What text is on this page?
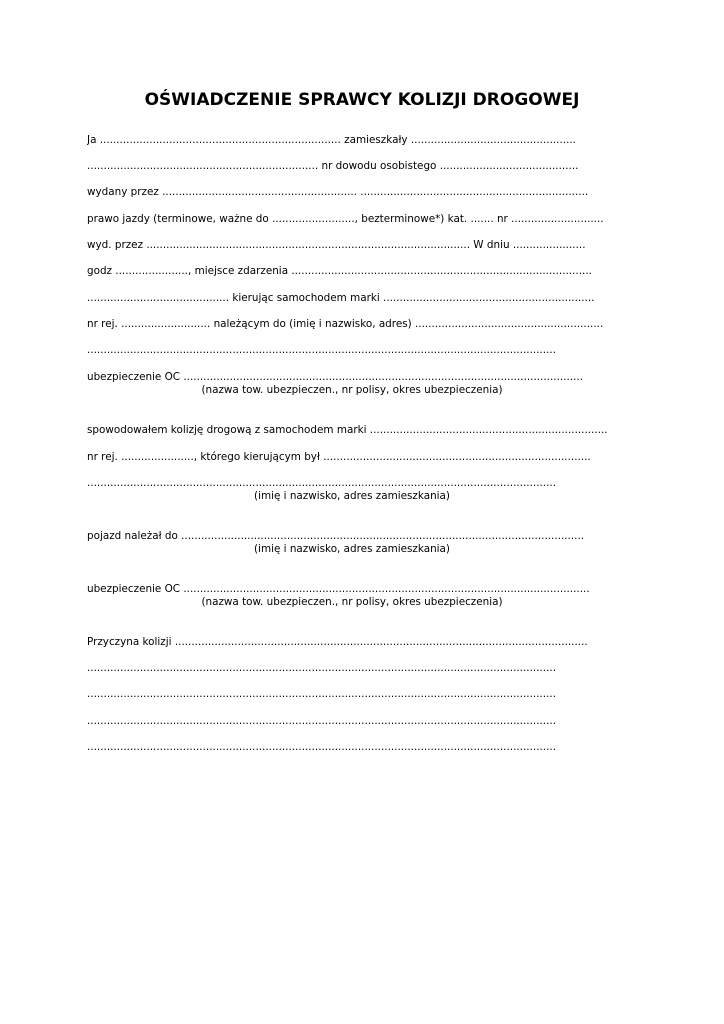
OŚWIADCZENIE SPRAWCY KOLIZJI DROGOWEJ
Ja ......................................................................... zamieszkały ..................................................
...................................................................... nr dowodu osobistego ..........................................
wydany przez ........................................................... .....................................................................
prawo jazdy (terminowe, ważne do ........................., bezterminowe*) kat. ....... nr ............................
wyd. przez .................................................................................................. W dniu ......................
godz ......................, miejsce zdarzenia ...........................................................................................
........................................... kierując samochodem marki ................................................................
nr rej. ........................... należącym do (imię i nazwisko, adres) .........................................................
..............................................................................................................................................
ubezpieczenie OC .........................................................................................................................
(nazwa tow. ubezpieczen., nr polisy, okres ubezpieczenia)
spowodowałem kolizję drogową z samochodem marki ........................................................................
nr rej. ......................, którego kierującym był .................................................................................
..............................................................................................................................................
(imię i nazwisko, adres zamieszkania)
pojazd należał do ..........................................................................................................................
(imię i nazwisko, adres zamieszkania)
ubezpieczenie OC ...........................................................................................................................
(nazwa tow. ubezpieczen., nr polisy, okres ubezpieczenia)
Przyczyna kolizji .............................................................................................................................
..............................................................................................................................................
..............................................................................................................................................
..............................................................................................................................................
..............................................................................................................................................
